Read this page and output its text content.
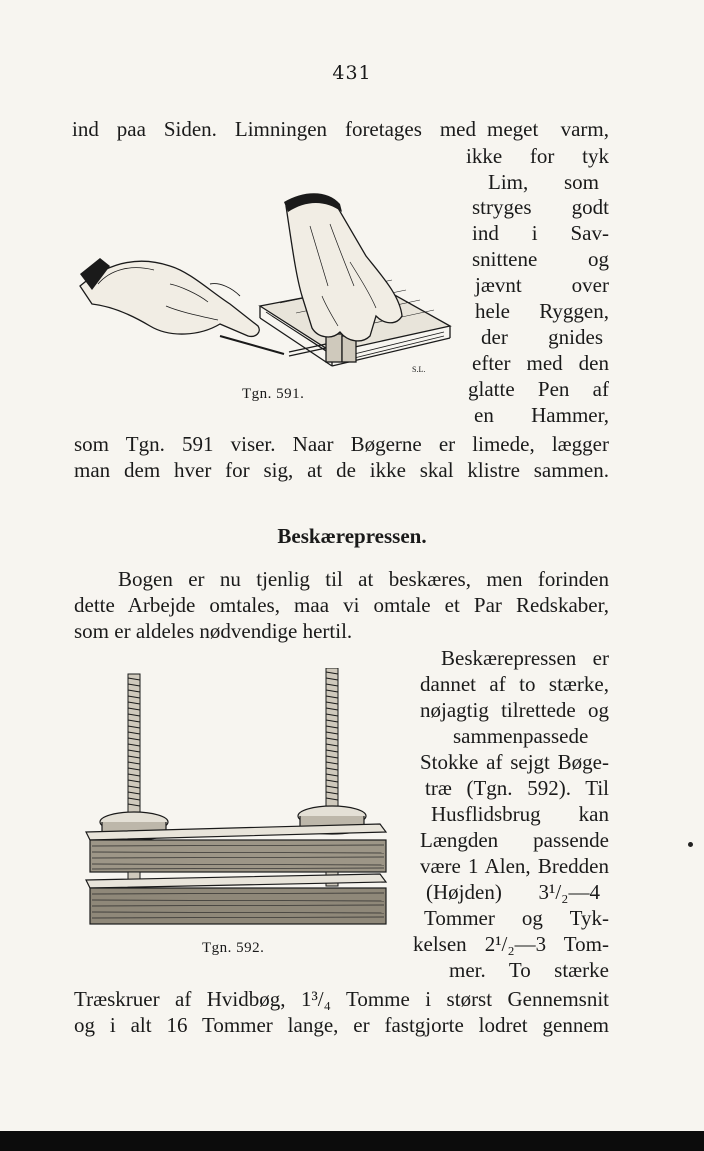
431
ind paa Siden. Limningen foretages med meget varm,
ikke for tyk
Lim, som
stryges godt
ind i Sav-
snittene og
jævnt over
hele Ryggen,
der gnides
efter med den
glatte Pen af
en Hammer,
S.L.
Tgn. 591.
som Tgn. 591 viser. Naar Bøgerne er limede, lægger
man dem hver for sig, at de ikke skal klistre sammen.
Beskærepressen.
Bogen er nu tjenlig til at beskæres, men forinden
dette Arbejde omtales, maa vi omtale et Par Redskaber,
som er aldeles nødvendige hertil.
Tgn. 592.
Beskærepressen er
dannet af to stærke,
nøjagtig tilrettede og
sammenpassede
Stokke af sejgt Bøge-
træ (Tgn. 592). Til
Husflidsbrug kan
Længden passende
være 1 Alen, Bredden
(Højden) 3¹/₂—4
Tommer og Tyk-
kelsen 2¹/₂—3 Tom-
mer. To stærke
Træskruer af Hvidbøg, 1³/₄ Tomme i størst Gennemsnit
og i alt 16 Tommer lange, er fastgjorte lodret gennem
